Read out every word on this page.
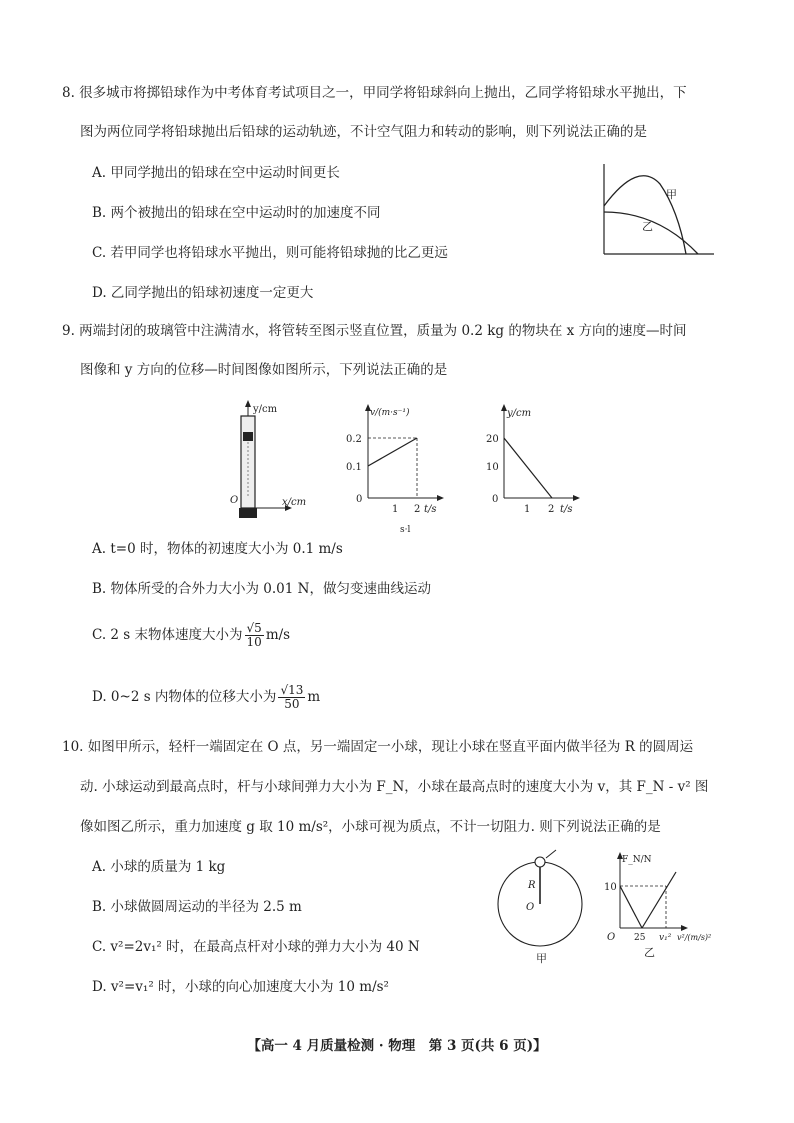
8. 很多城市将掷铅球作为中考体育考试项目之一，甲同学将铅球斜向上抛出，乙同学将铅球水平抛出，下
图为两位同学将铅球抛出后铅球的运动轨迹，不计空气阻力和转动的影响，则下列说法正确的是
A. 甲同学抛出的铅球在空中运动时间更长
B. 两个被抛出的铅球在空中运动时的加速度不同
C. 若甲同学也将铅球水平抛出，则可能将铅球抛的比乙更远
D. 乙同学抛出的铅球初速度一定更大
甲
乙
9. 两端封闭的玻璃管中注满清水，将管转至图示竖直位置，质量为 0.2 kg 的物块在 x 方向的速度—时间
图像和 y 方向的位移—时间图像如图所示，下列说法正确的是
y/cm
O	x/cm
v/(m·s⁻¹)
0.2
0.1
0
1 2 t/s
s·l
y/cm
20
10
0
1 2 t/s
A. t=0 时，物体的初速度大小为 0.1 m/s
B. 物体所受的合外力大小为 0.01 N，做匀变速曲线运动
C. 2 s 末物体速度大小为 $\frac{√5}{10} m/s$
D. 0~2 s 内物体的位移大小为 $\frac{√13}{50}$ m
10. 如图甲所示，轻杆一端固定在 O 点，另一端固定一小球，现让小球在竖直平面内做半径为 R 的圆周运
动. 小球运动到最高点时，杆与小球间弹力大小为 F_N，小球在最高点时的速度大小为 v，其 F_N - v² 图
像如图乙所示，重力加速度 g 取 10 m/s²，小球可视为质点，不计一切阻力. 则下列说法正确的是
A. 小球的质量为 1 kg
B. 小球做圆周运动的半径为 2.5 m
C. v²=2v₁² 时，在最高点杆对小球的弹力大小为 40 N
D. v²=v₁² 时，小球的向心加速度大小为 10 m/s²
R
O
甲
F_N/N
10
O 25 v₁² v²/(m/s)²
乙
【高一 4 月质量检测 · 物理　第 3 页(共 6 页)】
